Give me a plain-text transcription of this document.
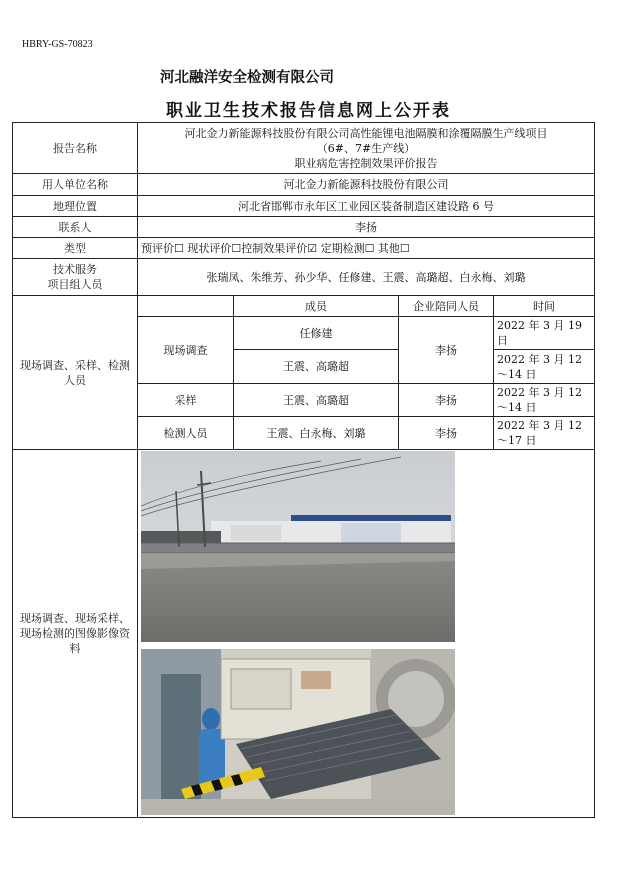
HBRY-GS-70823
河北融洋安全检测有限公司
职业卫生技术报告信息网上公开表
报告名称	河北金力新能源科技股份有限公司高性能锂电池隔膜和涂覆隔膜生产线项目
（6#、7#生产线）
职业病危害控制效果评价报告			

用人单位名称	河北金力新能源科技股份有限公司			
地理位置	河北省邯郸市永年区工业园区装备制造区建设路 6 号			
联系人	李扬			
类型	预评价☐ 现状评价☐控制效果评价☑ 定期检测☐ 其他☐			

技术服务
项目组人员	张瑞凤、朱维芳、孙少华、任修建、王震、高璐超、白永梅、刘璐			
现场调查、采样、检测人员		成员	企业陪同人员	时间
	现场调查	任修建	李扬	2022 年 3 月 19 日
		王震、高璐超		2022 年 3 月 12～14 日
	采样	王震、高璐超	李扬	2022 年 3 月 12～14 日
	检测人员	王震、白永梅、刘璐	李扬	2022 年 3 月 12～17 日

现场调查、现场采样、现场检测的图像影像资料	
